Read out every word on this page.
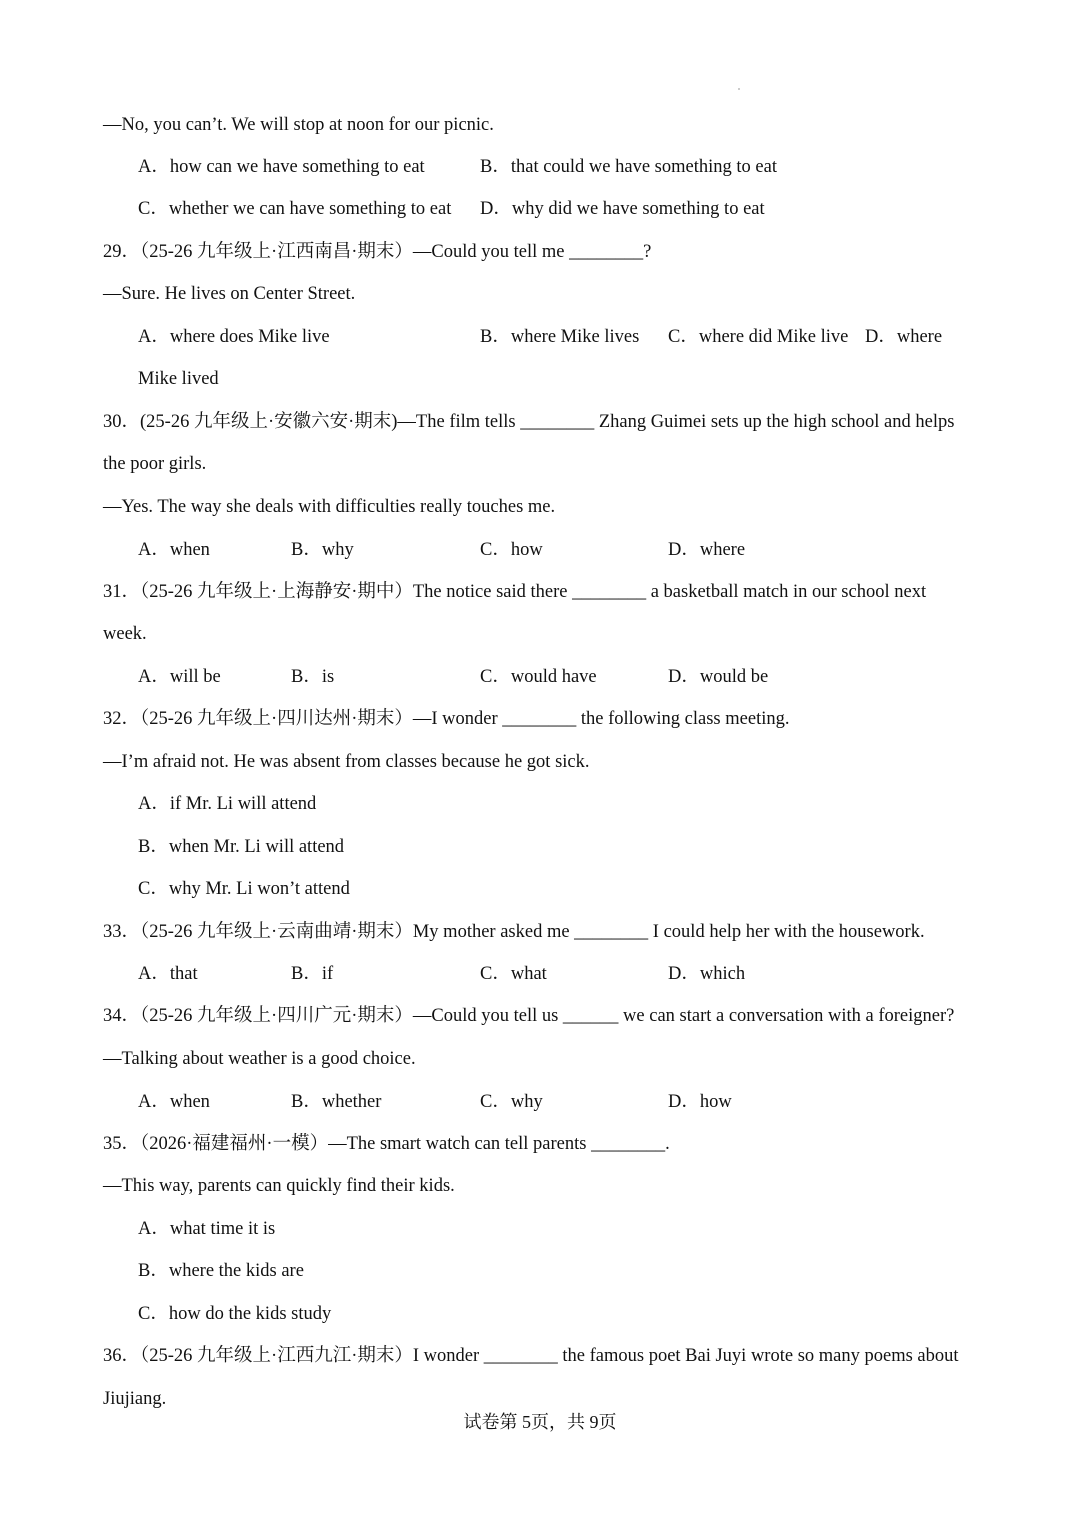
—No, you can’t. We will stop at noon for our picnic.
A．how can we have something to eat	B．that could we have something to eat
C．whether we can have something to eat D．why did we have something to eat
29．（25-26 九年级上·江西南昌·期末）—Could you tell me ________?
—Sure. He lives on Center Street.
A．where does Mike live	B．where Mike lives C．where did Mike live D．where
Mike lived
30．(25-26 九年级上·安徽六安·期末)—The film tells ________ Zhang Guimei sets up the high school and helps
the poor girls.
—Yes. The way she deals with difficulties really touches me.
A．when	B．why	C．how	D．where
31．（25-26 九年级上·上海静安·期中）The notice said there ________ a basketball match in our school next
week.
A．will be	B．is	C．would have	D．would be
32．（25-26 九年级上·四川达州·期末）—I wonder ________ the following class meeting.
—I’m afraid not. He was absent from classes because he got sick.
A．if Mr. Li will attend
B．when Mr. Li will attend
C．why Mr. Li won’t attend
33．（25-26 九年级上·云南曲靖·期末）My mother asked me ________ I could help her with the housework.
A．that	B．if	C．what	D．which
34．（25-26 九年级上·四川广元·期末）—Could you tell us ______ we can start a conversation with a foreigner?
—Talking about weather is a good choice.
A．when	B．whether	C．why	D．how
35．（2026·福建福州·一模）—The smart watch can tell parents ________.
—This way, parents can quickly find their kids.
A．what time it is
B．where the kids are
C．how do the kids study
36．（25-26 九年级上·江西九江·期末）I wonder ________ the famous poet Bai Juyi wrote so many poems about
Jiujiang.
试卷第 5页，共 9页
